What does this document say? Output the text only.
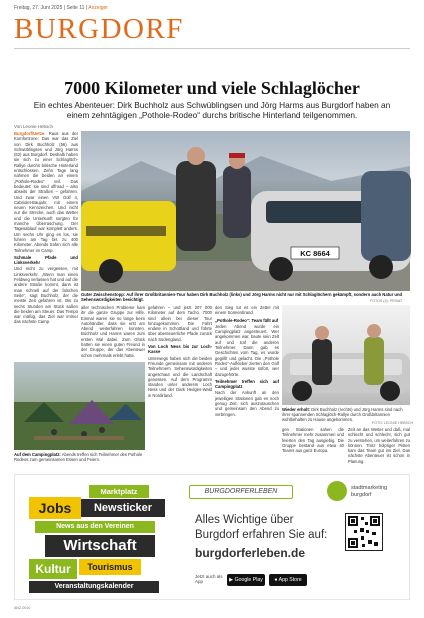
Freitag, 27. Juni 2025 | Seite 11 | Anzeiger
BURGDORF
7000 Kilometer und viele Schlaglöcher
Ein echtes Abenteuer: Dirk Buchholz aus Schwüblingsen und Jörg Harms aus Burgdorf haben an einem zehntägigen „Pothole-Rodeo“ durchs britische Hinterland teilgenommen.
Von Leonie Hebsch

Burgdorf/Uetze. Raus aus der Komfortzone: Das war das Ziel von Dirk Buchholz (56) aus Schwüblingsen und Jörg Harms (62) aus Burgdorf. Deshalb haben sie sich zu einer Schlaglöch-Rallye durchs britische Hinterland entschlossen. Zehn Tage lang nahmen die beiden an einem „Pothole-Rodeo“ teil. Das bedeutet: sie sind offroad – also abseits der Straßen – gefahren. Und zwar einen VW Golf 4, Cabriolet-Baujahr, mit einem neuen Kennzeichen. Und nicht nur die Strecke, auch das Wetter und die Unterkunft sorgten für manche Überraschung. Der Tagesablauf war komplett anders. Um sechs Uhr ging es los, sie fuhren am Tag bis zu 400 Kilometer. Abends trafen sich alle Teilnehmer im Camp.

Schmale Pfade und Linksverkehr

Und nicht zu vergessen, mit Linksverkehr. „Wenn man einen Feldweg verlassen hat und auf die andere Straße kommt, dann ist man schnell auf der falschen Seite“, sagt Buchholz, der die meiste Zeit gefahren ist. Bis zu sechs Stunden am Stück saßen die beiden am Steuer. Das Tempo war mäßig, das Ziel war immer das nächste Camp.

KC 8664
Guter Zwischenstopp: Auf ihrer Großbritannien-Tour haben Dirk Buchholz (links) und Jörg Harms nicht nur mit Schlaglöchern gekämpft, sondern auch Natur und Sehenswürdigkeiten besichtigt.	FOTOS (3): PRIVAT

aller technischen Probleme kam ihr die ganze Gruppe zur Hilfe. Einmal waren sie so lange beim Autohändler, dass sie erst am Abend weiterfahren konnten. Buchholz und Harms waren zum ersten Mal dabei. Zum Glück hatten sie einen guten Freund in der Gruppe, der das Abenteuer schon mehrmals erlebt hatte.

gefahren – und jetzt 207 000 Kilometer auf dem Tacho. 7000 sind allein bei dieser Tour hinzugekommen. Die Fahrt endete in Schottland und führte über abenteuerliche Pfade zurück nach Südengland.

Von Loch Ness bis zur Loch-Kasse

Unterwegs haben sich die beiden Freunde gemeinsam mit anderen Teilnehmern Sehenswürdigkeiten angeschaut und die Landschaft genossen. Auf dem Programm standen unter anderem Loch Ness und der Dark Hedges-Wald in Nordirland.

den Sieg tut es ein Zettel mit einem Sonnenbrand.

„Pothole-Rodeo“: Team fällt auf

Jeden Abend wurde ein Campingplatz angesteuert. Wer angekommen war, baute sein Zelt auf und traf die anderen Teilnehmer. Dann gab es Geschichten vom Tag, es wurde gegrillt und gelacht. Die „Pothole Rodeo“-Aufkleber zierten den Golf – und jeder wusste sofort, wer dazugehörte.

Teilnehmer treffen sich auf Campingplatz

Nach der Ankunft an den jeweiligen Stationen gab es noch genug Zeit, sich auszutauschen und gemeinsam den Abend zu verbringen.

Auf dem Campingplatz: Abends treffen sich Teilnehmer des Pothole Rodeos zum gemeinsamen Essen und Feiern.
Wieder erholt: Dirk Buchholz (rechts) und Jörg Harms sind nach ihrer spannenden Schlaglöch-Rallye durch Großbritannien wohlbehalten zu Hause angekommen.
FOTO: LEONIE HEBSCH

gen Stationen sahen die Teilnehmer mehr zusammen und feierten den Tag ausgiebig. Die Gruppe bestand aus etwa 40 Teams aus ganz Europa.

Zeit an das Wetter und daß, mal schlecht und schlecht, sich gut zu verstehen, um weiterfahren zu können. Trotz holpriger Pisten kam das Team gut ins Ziel. Das nächste Abenteuer ist schon in Planung.

Marktplatz
Jobs	Newsticker
News aus den Vereinen
Wirtschaft
Kultur	Tourismus
Veranstaltungskalender
BURGDORFERLEBEN	stadtmarketing
burgdorf
Alles Wichtige über
Burgdorf erfahren Sie auf:
burgdorferleben.de
Jetzt auch als App	▶ Google Play	● App Store
ANZ-0010
